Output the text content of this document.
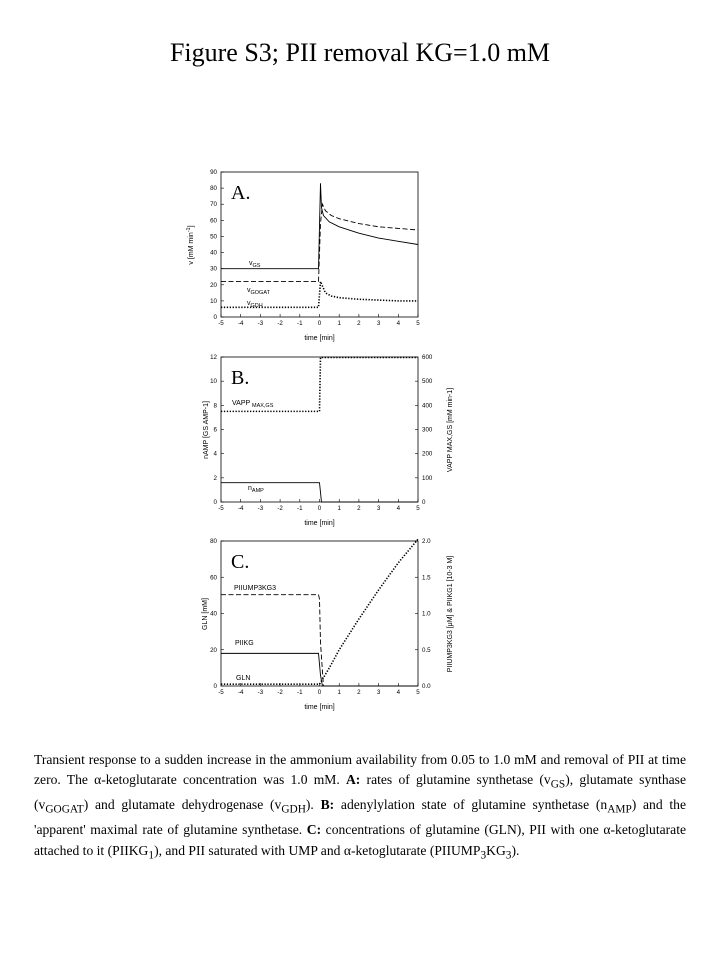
Figure S3; PII removal KG=1.0 mM
-5 -4 -3 -2 -1 0	1	2	3	4	5
0
10
20
30
40
50
60
70
80
90
time [min]
A.
v [mM $\min^{-1}$]
$v_{GS}$
$v_{GOGAT}$
$v_{GDH}$
-5 -4 -3 -2 -1 0	1	2	3	4	5
0
2
4
6
8
10
12
0
100
200
300
400
500
600
time [min]
B.
nAMP [GS AMP-1]	VAPP MAX,GS [mM min-1]
VAPP $_{MAX,GS}$
$n_{AMP}$
-5 -4 -3 -2 -1 0	1	2	3	4	5
0
20
40
60
80
0.0
0.5
1.0
1.5
2.0
time [min]
C.
GLN [mM]	PIIUMP3KG3 [μM] & PIIKG1 [10-3 M]
PIIUMP3KG3
PIIKG
GLN
Transient response to a sudden increase in the ammonium availability from 0.05 to 1.0 mM and removal of PII at time zero. The α-ketoglutarate concentration was 1.0 mM. A: rates of glutamine synthetase $(v_{GS})$, glutamate synthase $(v_{GOGAT})$ and glutamate dehydrogenase $(v_{GDH})$. B: adenylylation state of glutamine synthetase $(n_{AMP})$ and the 'apparent' maximal rate of glutamine synthetase. C: concentrations of glutamine (GLN), PII with one α-ketoglutarate attached to it $(PIIKG_1)$, and PII saturated with UMP and α-ketoglutarate $(PIIUMP_3KG_3)$.
